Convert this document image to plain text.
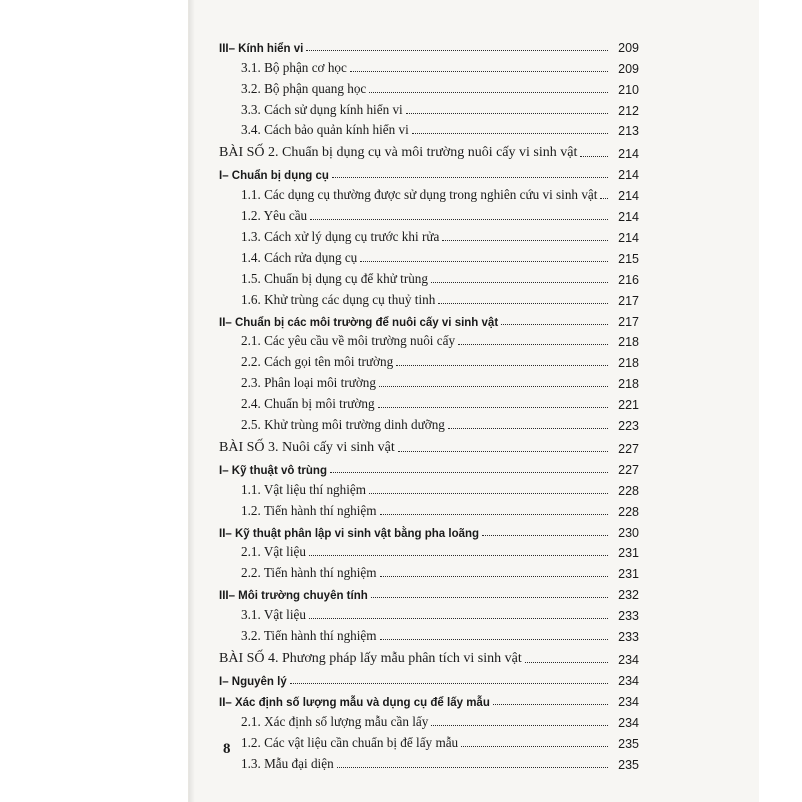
III– Kính hiển vi	209
3.1. Bộ phận cơ học	209
3.2. Bộ phận quang học	210
3.3. Cách sử dụng kính hiển vi	212
3.4. Cách bảo quản kính hiển vi	213
BÀI SỐ 2. Chuẩn bị dụng cụ và môi trường nuôi cấy vi sinh vật	214
I– Chuẩn bị dụng cụ	214
1.1. Các dụng cụ thường được sử dụng trong nghiên cứu vi sinh vật	214
1.2. Yêu cầu	214
1.3. Cách xử lý dụng cụ trước khi rửa	214
1.4. Cách rửa dụng cụ	215
1.5. Chuẩn bị dụng cụ để khử trùng	216
1.6. Khử trùng các dụng cụ thuỷ tinh	217
II– Chuẩn bị các môi trường để nuôi cấy vi sinh vật	217
2.1. Các yêu cầu về môi trường nuôi cấy	218
2.2. Cách gọi tên môi trường	218
2.3. Phân loại môi trường	218
2.4. Chuẩn bị môi trường	221
2.5. Khử trùng môi trường dinh dưỡng	223
BÀI SỐ 3. Nuôi cấy vi sinh vật	227
I– Kỹ thuật vô trùng	227
1.1. Vật liệu thí nghiệm	228
1.2. Tiến hành thí nghiệm	228
II– Kỹ thuật phân lập vi sinh vật bằng pha loãng	230
2.1. Vật liệu	231
2.2. Tiến hành thí nghiệm	231
III– Môi trường chuyên tính	232
3.1. Vật liệu	233
3.2. Tiến hành thí nghiệm	233
BÀI SỐ 4. Phương pháp lấy mẫu phân tích vi sinh vật	234
I– Nguyên lý	234
II– Xác định số lượng mẫu và dụng cụ để lấy mẫu	234
2.1. Xác định số lượng mẫu cần lấy	234
1.2. Các vật liệu cần chuẩn bị để lấy mẫu	235
1.3. Mẫu đại diện	235
8
